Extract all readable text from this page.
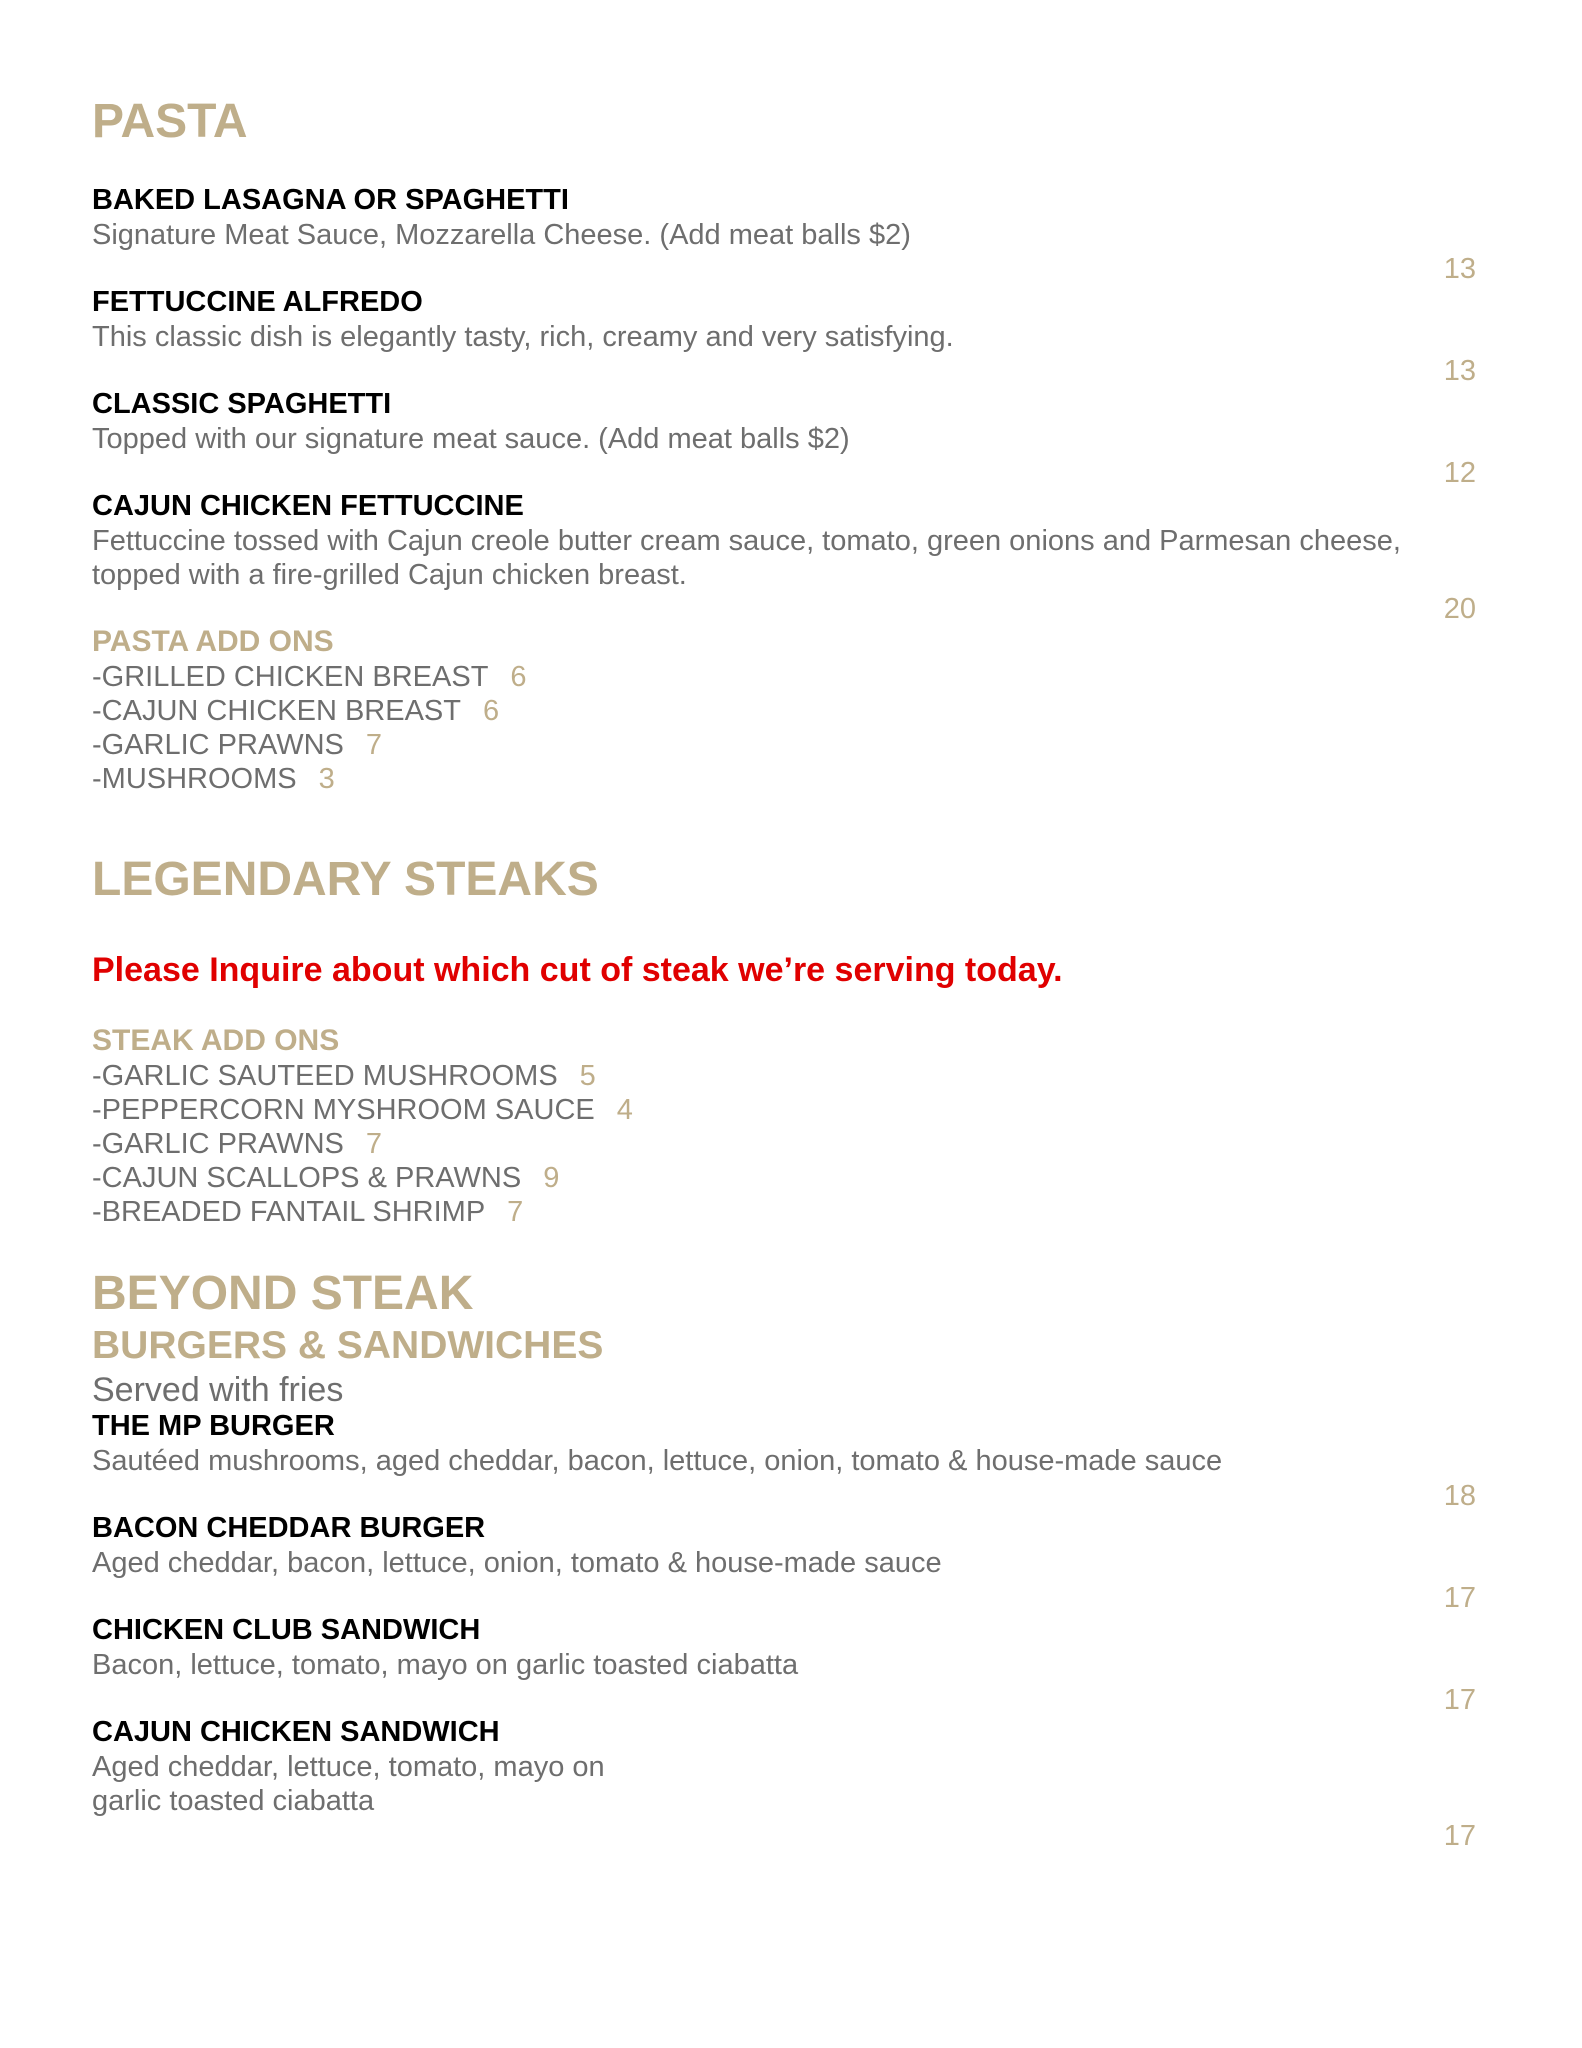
PASTA
BAKED LASAGNA OR SPAGHETTI
Signature Meat Sauce, Mozzarella Cheese. (Add meat balls $2)
13
FETTUCCINE ALFREDO
This classic dish is elegantly tasty, rich, creamy and very satisfying.
13
CLASSIC SPAGHETTI
Topped with our signature meat sauce. (Add meat balls $2)
12
CAJUN CHICKEN FETTUCCINE
Fettuccine tossed with Cajun creole butter cream sauce, tomato, green onions and Parmesan cheese,
topped with a fire-grilled Cajun chicken breast.
20
PASTA ADD ONS
-GRILLED CHICKEN BREAST 6
-CAJUN CHICKEN BREAST 6
-GARLIC PRAWNS 7
-MUSHROOMS 3
LEGENDARY STEAKS
Please Inquire about which cut of steak we’re serving today.
STEAK ADD ONS
-GARLIC SAUTEED MUSHROOMS 5
-PEPPERCORN MYSHROOM SAUCE 4
-GARLIC PRAWNS 7
-CAJUN SCALLOPS & PRAWNS 9
-BREADED FANTAIL SHRIMP 7
BEYOND STEAK
BURGERS & SANDWICHES
Served with fries
THE MP BURGER
Sautéed mushrooms, aged cheddar, bacon, lettuce, onion, tomato & house-made sauce
18
BACON CHEDDAR BURGER
Aged cheddar, bacon, lettuce, onion, tomato & house-made sauce
17
CHICKEN CLUB SANDWICH
Bacon, lettuce, tomato, mayo on garlic toasted ciabatta
17
CAJUN CHICKEN SANDWICH
Aged cheddar, lettuce, tomato, mayo on
garlic toasted ciabatta
17
